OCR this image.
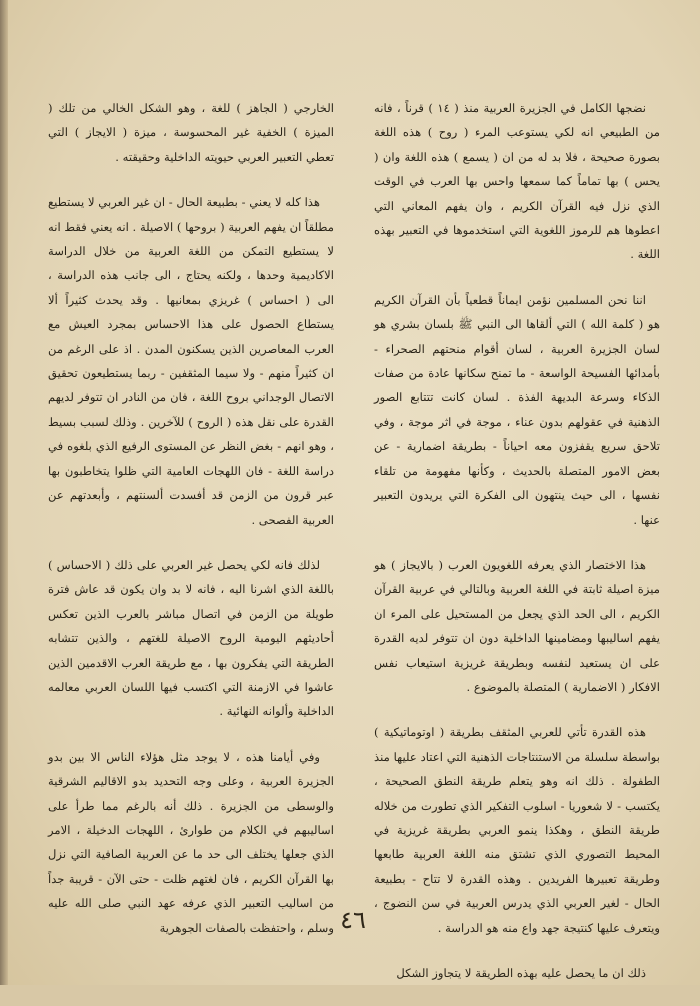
نضجها الكامل في الجزيرة العربية منذ ( ١٤ ) قرناً ، فانه من الطبيعي انه لكي يستوعب المرء ( روح ) هذه اللغة بصورة صحيحة ، فلا بد له من ان ( يسمع ) هذه اللغة وان ( يحس ) بها تماماً كما سمعها واحس بها العرب في الوقت الذي نزل فيه القرآن الكريم ، وان يفهم المعاني التي اعطوها هم للرموز اللغوية التي استخدموها في التعبير بهذه اللغة .

اننا نحن المسلمين نؤمن ايماناً قطعياً بأن القرآن الكريم هو ( كلمة الله ) التي ألقاها الى النبي ﷺ بلسان بشري هو لسان الجزيرة العربية ، لسان أقوام منحتهم الصحراء - بأمدائها الفسيحة الواسعة - ما تمنح سكانها عادة من صفات الذكاء وسرعة البديهة الفذة . لسان كانت تتتابع الصور الذهنية في عقولهم بدون عناء ، موجة في اثر موجة ، وفي تلاحق سريع يقفزون معه احياناً - بطريقة اضمارية - عن بعض الامور المتصلة بالحديث ، وكأنها مفهومة من تلقاء نفسها ، الى حيث ينتهون الى الفكرة التي يريدون التعبير عنها .

هذا الاختصار الذي يعرفه اللغويون العرب ( بالايجاز ) هو ميزة اصيلة ثابتة في اللغة العربية وبالتالي في عربية القرآن الكريم ، الى الحد الذي يجعل من المستحيل على المرء ان يفهم اساليبها ومضامينها الداخلية دون ان تتوفر لديه القدرة على ان يستعيد لنفسه وبطريقة غريزية استيعاب نفس الافكار ( الاضمارية ) المتصلة بالموضوع .

هذه القدرة تأتي للعربي المثقف بطريقة ( اوتوماتيكية ) بواسطة سلسلة من الاستنتاجات الذهنية التي اعتاد عليها منذ الطفولة . ذلك انه وهو يتعلم طريقة النطق الصحيحة ، يكتسب - لا شعوريا - اسلوب التفكير الذي تطورت من خلاله طريقة النطق ، وهكذا ينمو العربي بطريقة غريزية في المحيط التصوري الذي تشتق منه اللغة العربية طابعها وطريقة تعبيرها الفريدين . وهذه القدرة لا تتاح - بطبيعة الحال - لغير العربي الذي يدرس العربية في سن النضوج ، ويتعرف عليها كنتيجة جهد واع منه هو الدراسة .

ذلك ان ما يحصل عليه بهذه الطريقة لا يتجاوز الشكل

الخارجي ( الجاهز ) للغة ، وهو الشكل الخالي من تلك ( الميزة ) الخفية غير المحسوسة ، ميزة ( الايجاز ) التي تعطي التعبير العربي حيويته الداخلية وحقيقته .

هذا كله لا يعني - بطبيعة الحال - ان غير العربي لا يستطيع مطلقاً ان يفهم العربية ( بروحها ) الاصيلة . انه يعني فقط انه لا يستطيع التمكن من اللغة العربية من خلال الدراسة الاكاديمية وحدها ، ولكنه يحتاج ، الى جانب هذه الدراسة ، الى ( احساس ) غريزي بمعانيها . وقد يحدث كثيراً ألا يستطاع الحصول على هذا الاحساس بمجرد العيش مع العرب المعاصرين الذين يسكنون المدن . اذ على الرغم من ان كثيراً منهم - ولا سيما المثقفين - ربما يستطيعون تحقيق الاتصال الوجداني بروح اللغة ، فان من النادر ان تتوفر لديهم القدرة على نقل هذه ( الروح ) للآخرين . وذلك لسبب بسيط ، وهو انهم - بغض النظر عن المستوى الرفيع الذي بلغوه في دراسة اللغة - فان اللهجات العامية التي ظلوا يتخاطبون بها عبر قرون من الزمن قد أفسدت ألسنتهم ، وأبعدتهم عن العربية الفصحى .

لذلك فانه لكي يحصل غير العربي على ذلك ( الاحساس ) باللغة الذي اشرنا اليه ، فانه لا بد وان يكون قد عاش فترة طويلة من الزمن في اتصال مباشر بالعرب الذين تعكس أحاديثهم اليومية الروح الاصيلة للغتهم ، والذين تتشابه الطريقة التي يفكرون بها ، مع طريقة العرب الاقدمين الذين عاشوا في الازمنة التي اكتسب فيها اللسان العربي معالمه الداخلية وألوانه النهائية .

وفي أيامنا هذه ، لا يوجد مثل هؤلاء الناس الا بين بدو الجزيرة العربية ، وعلى وجه التحديد بدو الاقاليم الشرقية والوسطى من الجزيرة . ذلك أنه بالرغم مما طرأ على اساليبهم في الكلام من طوارئ ، اللهجات الدخيلة ، الامر الذي جعلها يختلف الى حد ما عن العربية الصافية التي نزل بها القرآن الكريم ، فان لغتهم ظلت - حتى الآن - قريبة جداً من اساليب التعبير الذي عرفه عهد النبي صلى الله عليه وسلم ، واحتفظت بالصفات الجوهرية ٤٦
